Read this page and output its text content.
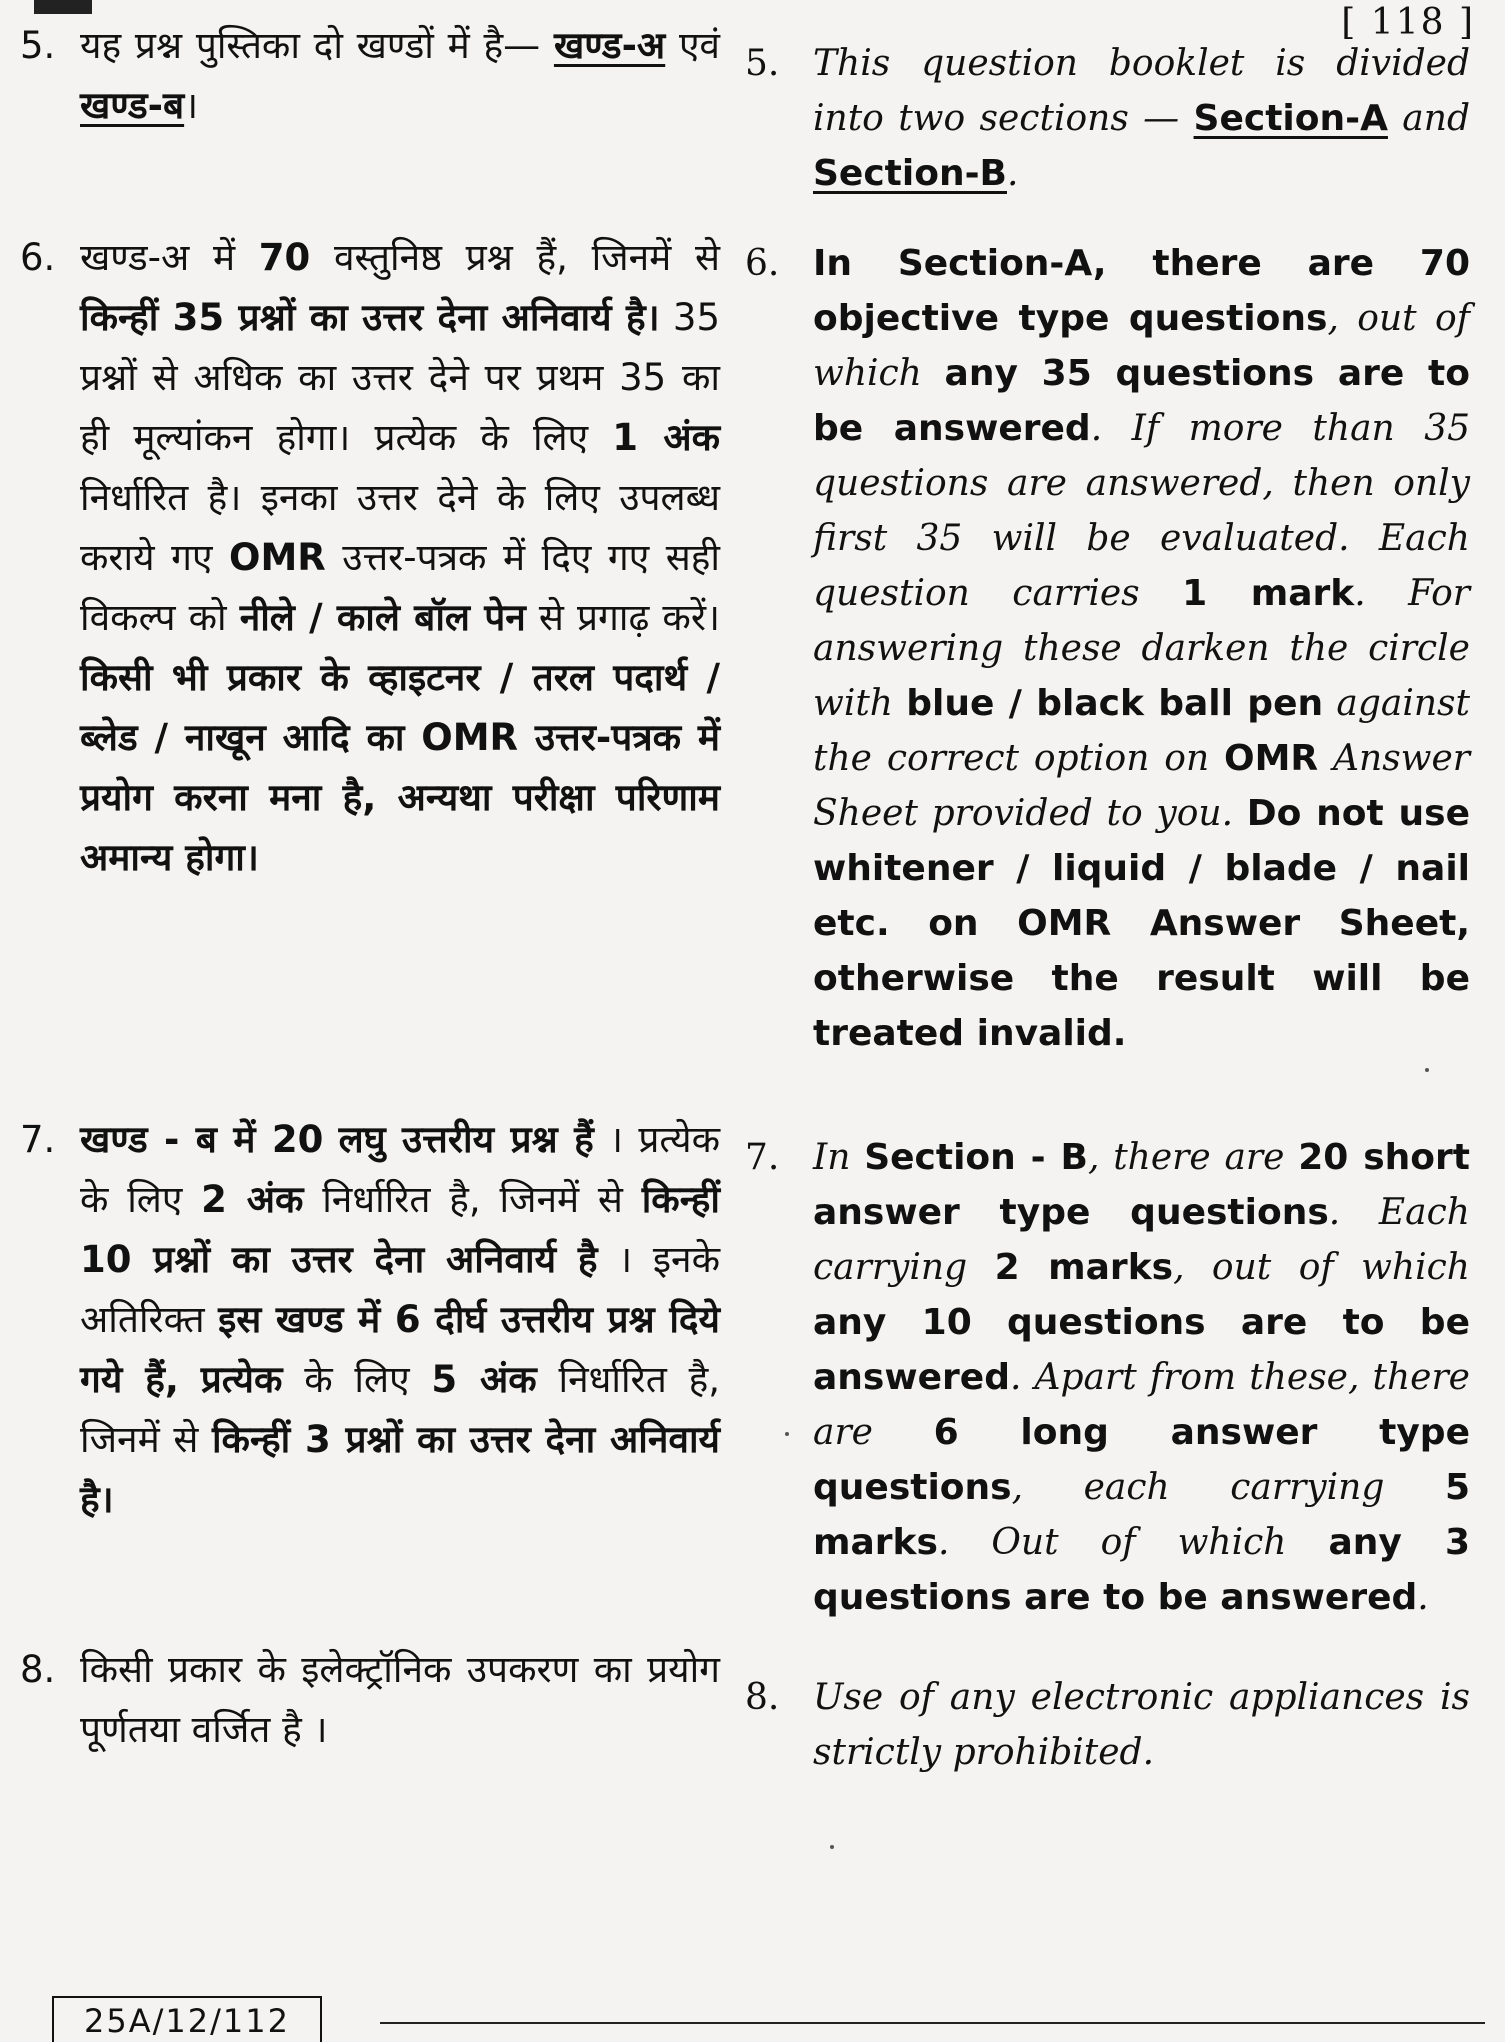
[ 118 ]
5. यह प्रश्न पुस्तिका दो खण्डों में है— खण्ड-अ एवं खण्ड-ब।
5. This question booklet is divided into two sections — Section-A and Section-B.
6. खण्ड-अ में 70 वस्तुनिष्ठ प्रश्न हैं, जिनमें से किन्हीं 35 प्रश्नों का उत्तर देना अनिवार्य है। 35 प्रश्नों से अधिक का उत्तर देने पर प्रथम 35 का ही मूल्यांकन होगा। प्रत्येक के लिए 1 अंक निर्धारित है। इनका उत्तर देने के लिए उपलब्ध कराये गए OMR उत्तर-पत्रक में दिए गए सही विकल्प को नीले / काले बॉल पेन से प्रगाढ़ करें। किसी भी प्रकार के व्हाइटनर / तरल पदार्थ / ब्लेड / नाखून आदि का OMR उत्तर-पत्रक में प्रयोग करना मना है, अन्यथा परीक्षा परिणाम अमान्य होगा।
6. In Section-A, there are 70 objective type questions, out of which any 35 questions are to be answered. If more than 35 questions are answered, then only first 35 will be evaluated. Each question carries 1 mark. For answering these darken the circle with blue / black ball pen against the correct option on OMR Answer Sheet provided to you. Do not use whitener / liquid / blade / nail etc. on OMR Answer Sheet, otherwise the result will be treated invalid.
7. खण्ड - ब में 20 लघु उत्तरीय प्रश्न हैं । प्रत्येक के लिए 2 अंक निर्धारित है, जिनमें से किन्हीं 10 प्रश्नों का उत्तर देना अनिवार्य है । इनके अतिरिक्त इस खण्ड में 6 दीर्घ उत्तरीय प्रश्न दिये गये हैं, प्रत्येक के लिए 5 अंक निर्धारित है, जिनमें से किन्हीं 3 प्रश्नों का उत्तर देना अनिवार्य है।
7. In Section - B, there are 20 short answer type questions. Each carrying 2 marks, out of which any 10 questions are to be answered. Apart from these, there are 6 long answer type questions, each carrying 5 marks. Out of which any 3 questions are to be answered.
8. किसी प्रकार के इलेक्ट्रॉनिक उपकरण का प्रयोग पूर्णतया वर्जित है ।
8. Use of any electronic appliances is strictly prohibited.
25A/12/112
